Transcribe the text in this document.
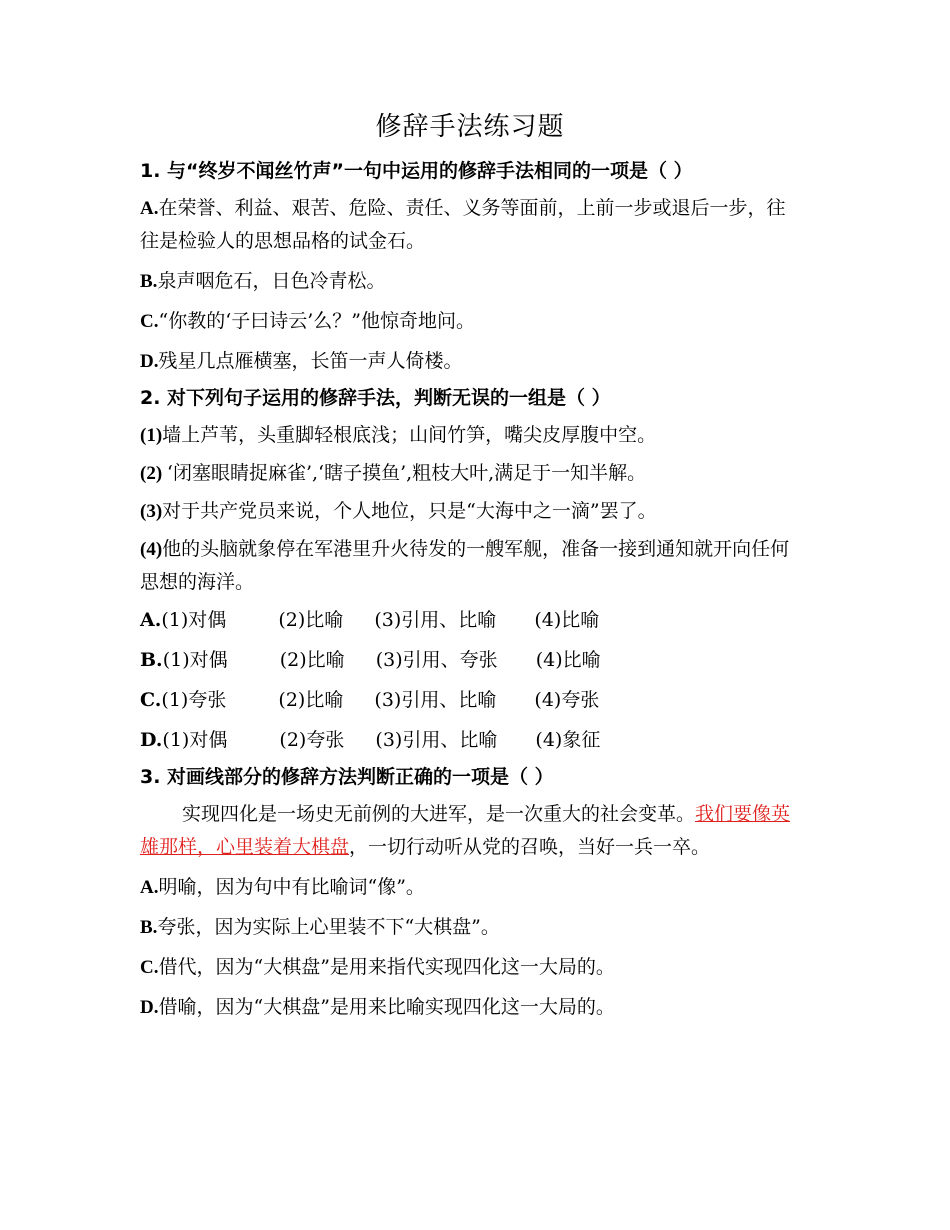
修辞手法练习题

1. 与“终岁不闻丝竹声”一句中运用的修辞手法相同的一项是（ ）

A.在荣誉、利益、艰苦、危险、责任、义务等面前，上前一步或退后一步，往往是检验人的思想品格的试金石。

B.泉声咽危石，日色冷青松。

C.“你教的‘子曰诗云’么？”他惊奇地问。

D.残星几点雁横塞，长笛一声人倚楼。

2. 对下列句子运用的修辞手法，判断无误的一组是（ ）

(1)墙上芦苇，头重脚轻根底浅；山间竹笋，嘴尖皮厚腹中空。

(2) ‘闭塞眼睛捉麻雀’,‘瞎子摸鱼’,粗枝大叶,满足于一知半解。

(3)对于共产党员来说，个人地位，只是“大海中之一滴”罢了。

(4)他的头脑就象停在军港里升火待发的一艘军舰，准备一接到通知就开向任何思想的海洋。

A.(1)对偶	(2)比喻 (3)引用、比喻 (4)比喻

B.(1)对偶	(2)比喻 (3)引用、夸张 (4)比喻

C.(1)夸张	(2)比喻 (3)引用、比喻 (4)夸张

D.(1)对偶	(2)夸张 (3)引用、比喻 (4)象征

3. 对画线部分的修辞方法判断正确的一项是（ ）

实现四化是一场史无前例的大进军，是一次重大的社会变革。我们要像英雄那样，心里装着大棋盘，一切行动听从党的召唤，当好一兵一卒。

A.明喻，因为句中有比喻词“像”。

B.夸张，因为实际上心里装不下“大棋盘”。

C.借代，因为“大棋盘”是用来指代实现四化这一大局的。

D.借喻，因为“大棋盘”是用来比喻实现四化这一大局的。
